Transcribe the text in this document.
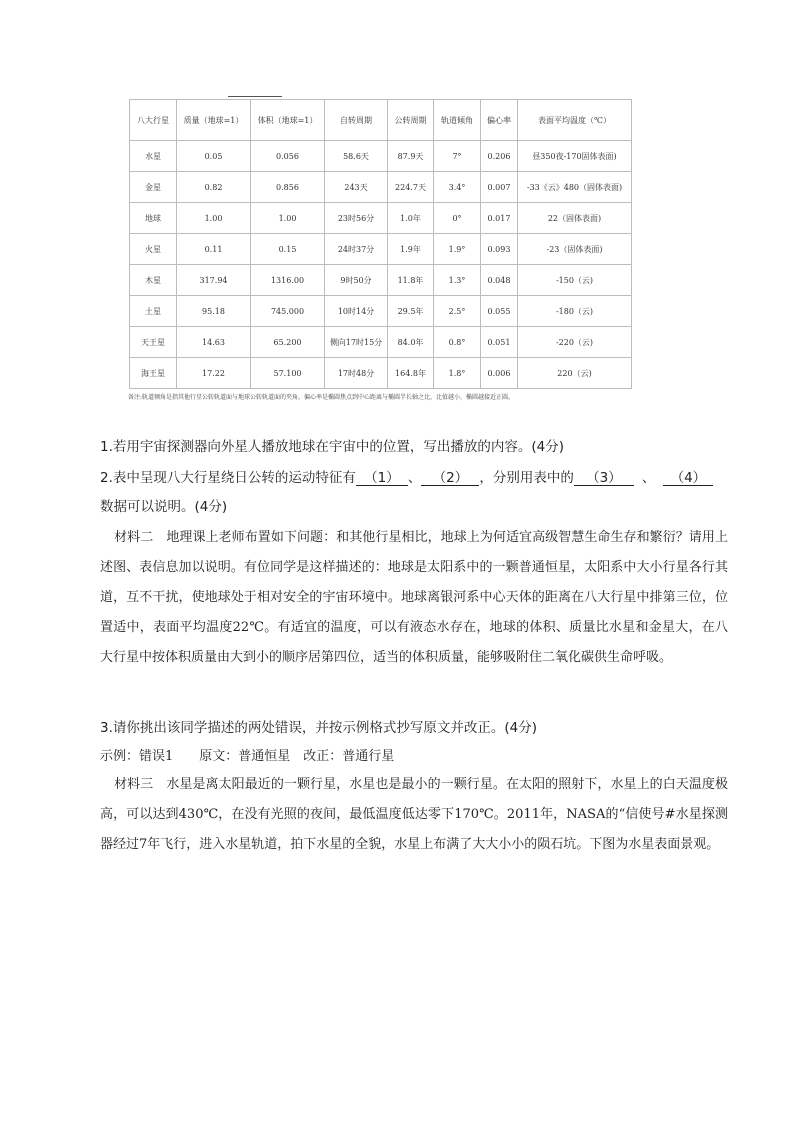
八大行星	质量（地球=1）	体积（地球=1）	自转周期	公转周期	轨道倾角	偏心率	表面平均温度（℃）
水星	0.05	0.056	58.6天	87.9天	7°	0.206	昼350夜-170固体表面)
金星	0.82	0.856	243天	224.7天	3.4°	0.007	-33《云》480（固体表面)
地球	1.00	1.00	23时56分	1.0年	0°	0.017	22（固体表面)
火星	0.11	0.15	24时37分	1.9年	1.9°	0.093	-23（固体表面)
木星	317.94	1316.00	9时50分	11.8年	1.3°	0.048	-150（云)
土星	95.18	745.000	10时14分	29.5年	2.5°	0.055	-180（云)
天王星	14.63	65.200	侧向17时15分	84.0年	0.8°	0.051	-220（云)
海王星	17.22	57.100	17时48分	164.8年	1.8°	0.006	220（云)
备注:轨道倾角是指其他行星公转轨道面与地球公转轨道面的夹角。偏心率是椭圆焦点到中心距离与椭圆半长轴之比，比值越小，椭圆越接近正圆。
1.若用宇宙探测器向外星人播放地球在宇宙中的位置，写出播放的内容。(4分)
2.表中呈现八大行星绕日公转的运动特征有 （1） 、 （2） ，分别用表中的 （3） 、 （4）
数据可以说明。(4分)
材料二　地理课上老师布置如下问题：和其他行星相比，地球上为何适宜高级智慧生命生存和繁衍？请用上述图、表信息加以说明。有位同学是这样描述的：地球是太阳系中的一颗普通恒星，太阳系中大小行星各行其道，互不干扰，使地球处于相对安全的宇宙环境中。地球离银河系中心天体的距离在八大行星中排第三位，位置适中，表面平均温度22℃。有适宜的温度，可以有液态水存在，地球的体积、质量比水星和金星大，在八大行星中按体积质量由大到小的顺序居第四位，适当的体积质量，能够吸附住二氧化碳供生命呼吸。
3.请你挑出该同学描述的两处错误，并按示例格式抄写原文并改正。(4分)
示例：错误1　　原文：普通恒星　改正：普通行星
材料三　水星是离太阳最近的一颗行星，水星也是最小的一颗行星。在太阳的照射下，水星上的白天温度极高，可以达到430℃，在没有光照的夜间，最低温度低达零下170℃。2011年，NASA的“信使号#水星探测器经过7年飞行，进入水星轨道，拍下水星的全貌，水星上布满了大大小小的陨石坑。下图为水星表面景观。
